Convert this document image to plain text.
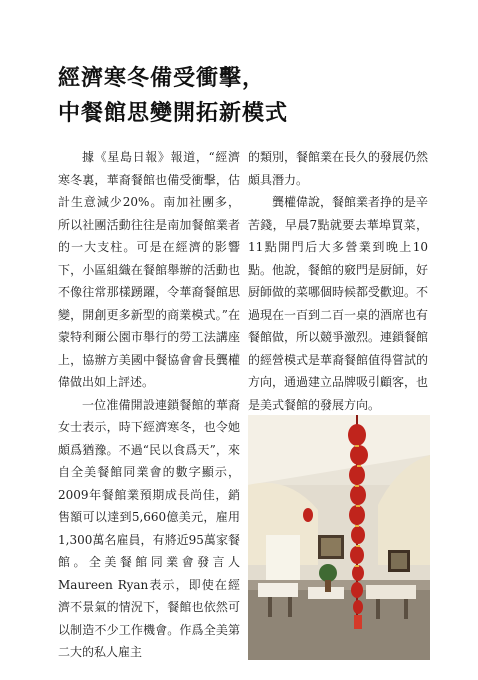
經濟寒冬備受衝擊，
中餐館思變開拓新模式

據《星島日報》報道，“經濟寒冬裏，華裔餐館也備受衝擊，估計生意減少20%。南加社團多，所以社團活動往往是南加餐館業者的一大支柱。可是在經濟的影響下，小區組織在餐館舉辦的活動也不像往常那樣踴躍，令華裔餐館思變，開創更多新型的商業模式。”在蒙特利爾公園市舉行的勞工法講座上，協辦方美國中餐協會會長龔權偉做出如上評述。

一位准備開設連鎖餐館的華裔女士表示，時下經濟寒冬，也令她頗爲猶豫。不過“民以食爲天”，來自全美餐館同業會的數字顯示，2009年餐館業預期成長尚佳，銷售額可以達到5,660億美元，雇用1,300萬名雇員，有將近95萬家餐館。全美餐館同業會發言人Maureen Ryan表示，即使在經濟不景氣的情況下，餐館也依然可以制造不少工作機會。作爲全美第二大的私人雇主

的類別，餐館業在長久的發展仍然頗具潛力。

龔權偉說，餐館業者挣的是辛苦錢，早晨7點就要去華埠買菜，11點開門后大多營業到晚上10點。他說，餐館的竅門是厨師，好厨師做的菜哪個時候都受歡迎。不過現在一百到二百一桌的酒席也有餐館做，所以競爭激烈。連鎖餐館的經營模式是華裔餐館值得嘗試的方向，通過建立品牌吸引顧客，也是美式餐館的發展方向。
